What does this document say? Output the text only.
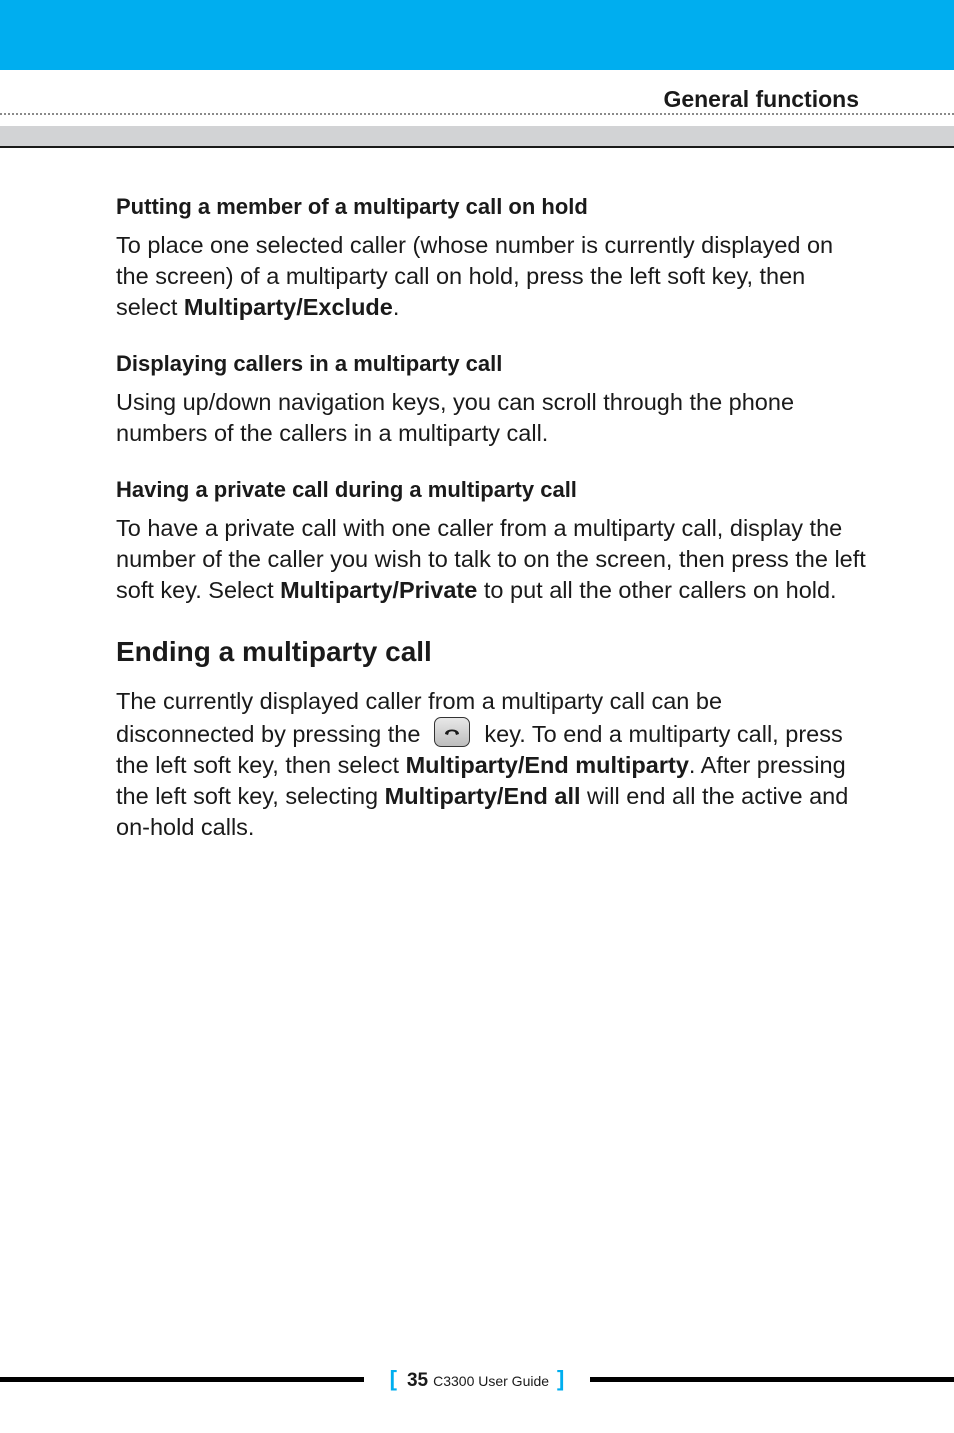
General functions
Putting a member of a multiparty call on hold

To place one selected caller (whose number is currently displayed on the screen) of a multiparty call on hold, press the left soft key, then select Multiparty/Exclude.

Displaying callers in a multiparty call

Using up/down navigation keys, you can scroll through the phone numbers of the callers in a multiparty call.

Having a private call during a multiparty call

To have a private call with one caller from a multiparty call, display the number of the caller you wish to talk to on the screen, then press the left soft key. Select Multiparty/Private to put all the other callers on hold.

Ending a multiparty call

The currently displayed caller from a multiparty call can be disconnected by pressing the	key. To end a multiparty call, press the left soft key, then select Multiparty/End multiparty. After pressing the left soft key, selecting Multiparty/End all will end all the active and on-hold calls.

[ 35 C3300 User Guide ]
